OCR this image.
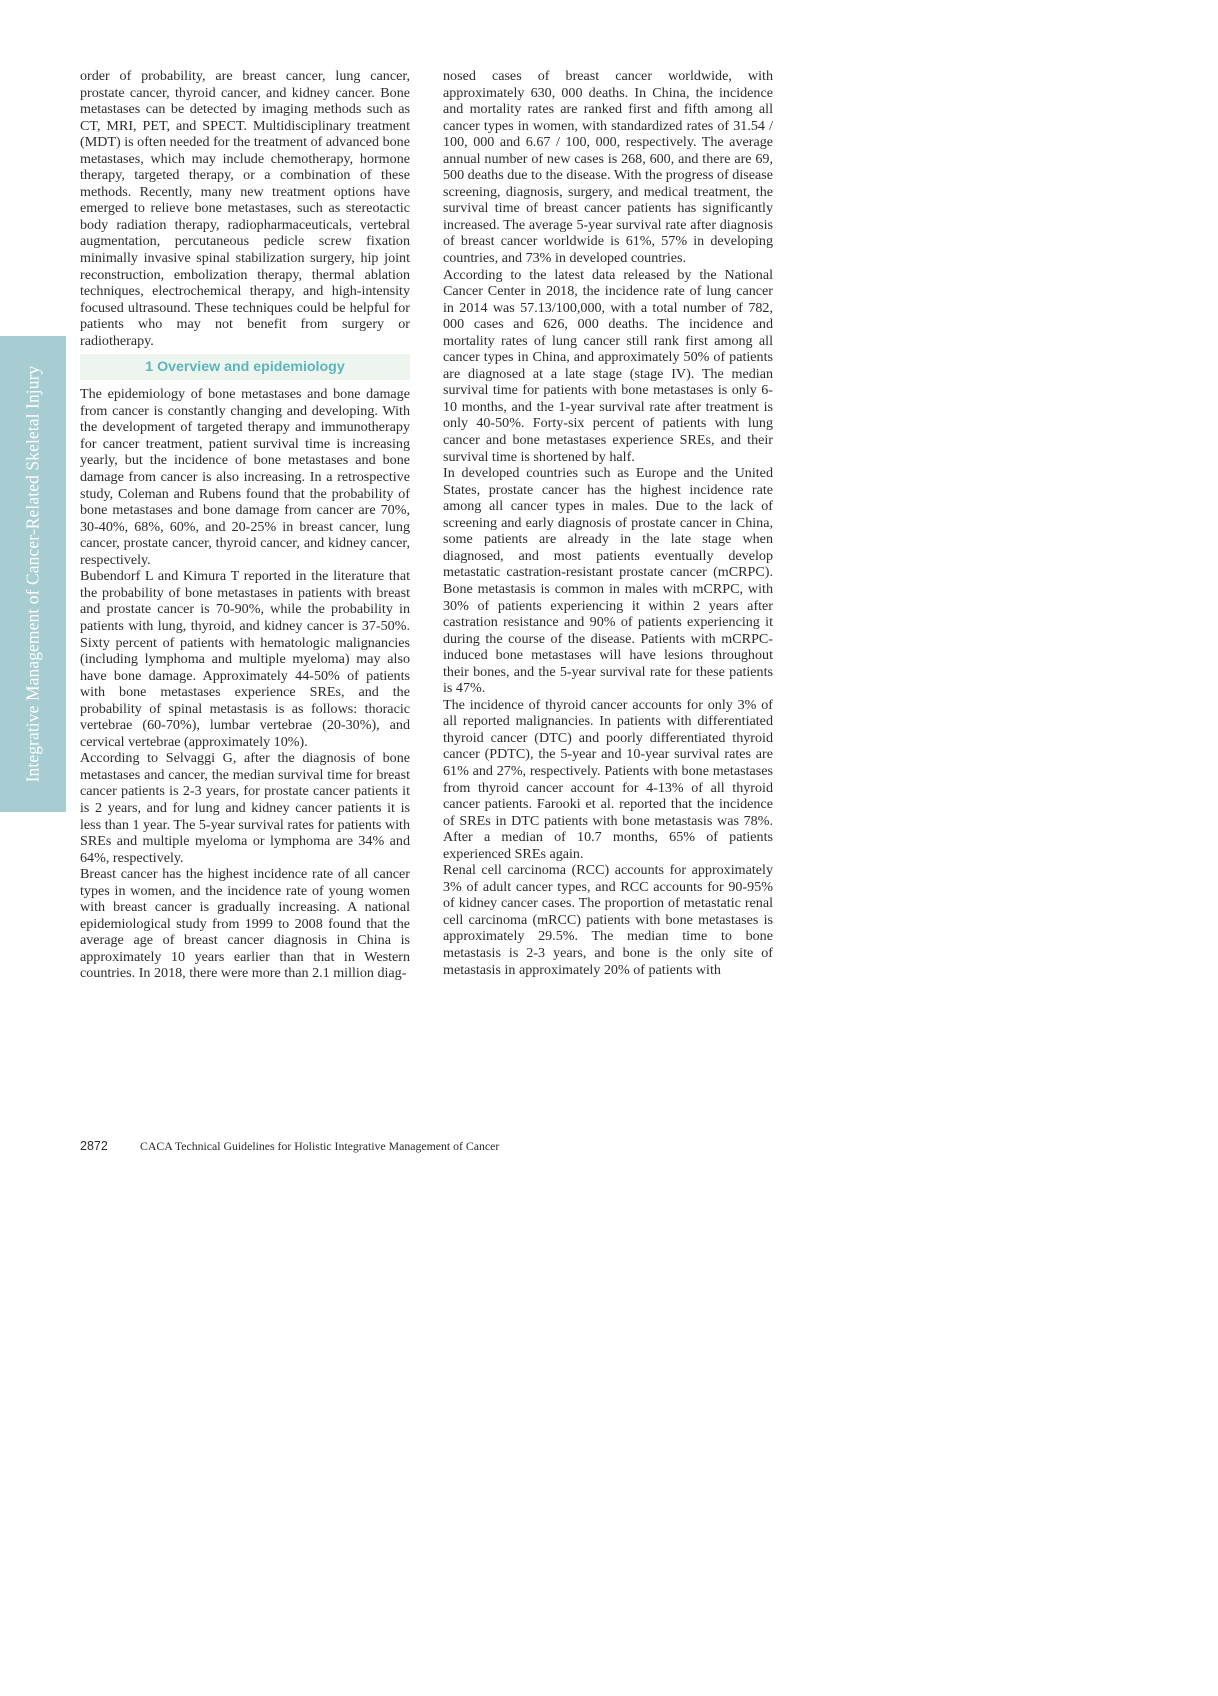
Integrative Management of Cancer-Related Skeletal Injury

order of probability, are breast cancer, lung cancer, prostate cancer, thyroid cancer, and kidney cancer. Bone metastases can be detected by imaging methods such as CT, MRI, PET, and SPECT. Multidisciplinary treatment (MDT) is often needed for the treatment of advanced bone metastases, which may include chemotherapy, hormone therapy, targeted therapy, or a combination of these methods. Recently, many new treatment options have emerged to relieve bone metastases, such as stereotactic body radiation therapy, radiopharmaceuticals, vertebral augmentation, percutaneous pedicle screw fixation minimally invasive spinal stabilization surgery, hip joint reconstruction, embolization therapy, thermal ablation techniques, electrochemical therapy, and high-intensity focused ultrasound. These techniques could be helpful for patients who may not benefit from surgery or radiotherapy.

1 Overview and epidemiology

The epidemiology of bone metastases and bone damage from cancer is constantly changing and developing. With the development of targeted therapy and immunotherapy for cancer treatment, patient survival time is increasing yearly, but the incidence of bone metastases and bone damage from cancer is also increasing. In a retrospective study, Coleman and Rubens found that the probability of bone metastases and bone damage from cancer are 70%, 30-40%, 68%, 60%, and 20-25% in breast cancer, lung cancer, prostate cancer, thyroid cancer, and kidney cancer, respectively.

Bubendorf L and Kimura T reported in the literature that the probability of bone metastases in patients with breast and prostate cancer is 70-90%, while the probability in patients with lung, thyroid, and kidney cancer is 37-50%. Sixty percent of patients with hematologic malignancies (including lymphoma and multiple myeloma) may also have bone damage. Approximately 44-50% of patients with bone metastases experience SREs, and the probability of spinal metastasis is as follows: thoracic vertebrae (60-70%), lumbar vertebrae (20-30%), and cervical vertebrae (approximately 10%).

According to Selvaggi G, after the diagnosis of bone metastases and cancer, the median survival time for breast cancer patients is 2-3 years, for prostate cancer patients it is 2 years, and for lung and kidney cancer patients it is less than 1 year. The 5-year survival rates for patients with SREs and multiple myeloma or lymphoma are 34% and 64%, respectively.

Breast cancer has the highest incidence rate of all cancer types in women, and the incidence rate of young women with breast cancer is gradually increasing. A national epidemiological study from 1999 to 2008 found that the average age of breast cancer diagnosis in China is approximately 10 years earlier than that in Western countries. In 2018, there were more than 2.1 million diag-

nosed cases of breast cancer worldwide, with approximately 630, 000 deaths. In China, the incidence and mortality rates are ranked first and fifth among all cancer types in women, with standardized rates of 31.54 / 100, 000 and 6.67 / 100, 000, respectively. The average annual number of new cases is 268, 600, and there are 69, 500 deaths due to the disease. With the progress of disease screening, diagnosis, surgery, and medical treatment, the survival time of breast cancer patients has significantly increased. The average 5-year survival rate after diagnosis of breast cancer worldwide is 61%, 57% in developing countries, and 73% in developed countries.

According to the latest data released by the National Cancer Center in 2018, the incidence rate of lung cancer in 2014 was 57.13/100,000, with a total number of 782, 000 cases and 626, 000 deaths. The incidence and mortality rates of lung cancer still rank first among all cancer types in China, and approximately 50% of patients are diagnosed at a late stage (stage IV). The median survival time for patients with bone metastases is only 6-10 months, and the 1-year survival rate after treatment is only 40-50%. Forty-six percent of patients with lung cancer and bone metastases experience SREs, and their survival time is shortened by half.

In developed countries such as Europe and the United States, prostate cancer has the highest incidence rate among all cancer types in males. Due to the lack of screening and early diagnosis of prostate cancer in China, some patients are already in the late stage when diagnosed, and most patients eventually develop metastatic castration-resistant prostate cancer (mCRPC). Bone metastasis is common in males with mCRPC, with 30% of patients experiencing it within 2 years after castration resistance and 90% of patients experiencing it during the course of the disease. Patients with mCRPC-induced bone metastases will have lesions throughout their bones, and the 5-year survival rate for these patients is 47%.

The incidence of thyroid cancer accounts for only 3% of all reported malignancies. In patients with differentiated thyroid cancer (DTC) and poorly differentiated thyroid cancer (PDTC), the 5-year and 10-year survival rates are 61% and 27%, respectively. Patients with bone metastases from thyroid cancer account for 4-13% of all thyroid cancer patients. Farooki et al. reported that the incidence of SREs in DTC patients with bone metastasis was 78%. After a median of 10.7 months, 65% of patients experienced SREs again.

Renal cell carcinoma (RCC) accounts for approximately 3% of adult cancer types, and RCC accounts for 90-95% of kidney cancer cases. The proportion of metastatic renal cell carcinoma (mRCC) patients with bone metastases is approximately 29.5%. The median time to bone metastasis is 2-3 years, and bone is the only site of metastasis in approximately 20% of patients with

2872	CACA Technical Guidelines for Holistic Integrative Management of Cancer
